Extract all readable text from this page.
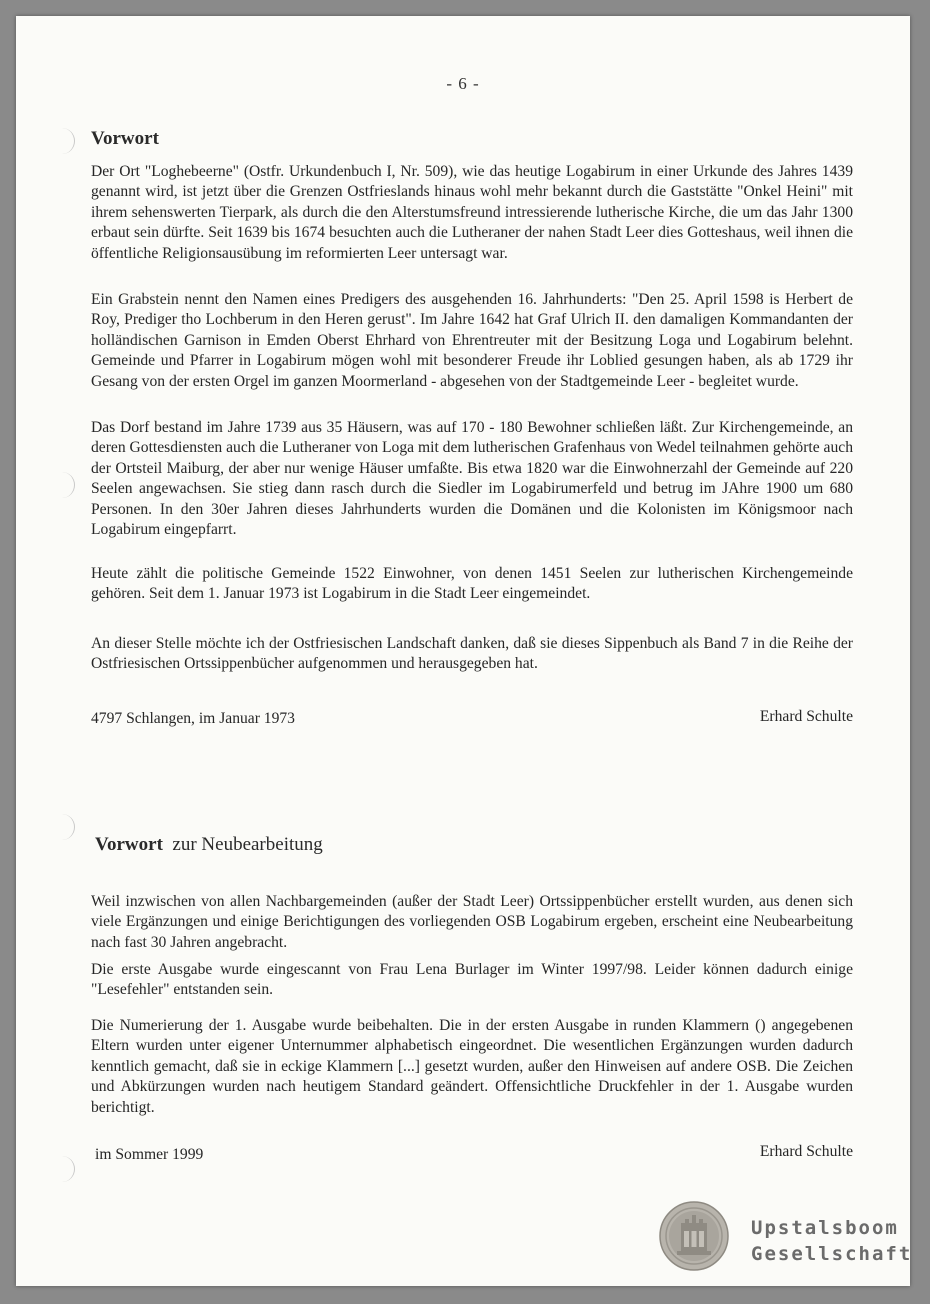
- 6 -
Vorwort

Der Ort "Loghebeerne" (Ostfr. Urkundenbuch I, Nr. 509), wie das heutige Logabirum in einer Urkunde des Jahres 1439 genannt wird, ist jetzt über die Grenzen Ostfrieslands hinaus wohl mehr bekannt durch die Gaststätte "Onkel Heini" mit ihrem sehenswerten Tierpark, als durch die den Alterstumsfreund intressierende lutherische Kirche, die um das Jahr 1300 erbaut sein dürfte. Seit 1639 bis 1674 besuchten auch die Lutheraner der nahen Stadt Leer dies Gotteshaus, weil ihnen die öffentliche Religionsausübung im reformierten Leer untersagt war.

Ein Grabstein nennt den Namen eines Predigers des ausgehenden 16. Jahrhunderts: "Den 25. April 1598 is Herbert de Roy, Prediger tho Lochberum in den Heren gerust". Im Jahre 1642 hat Graf Ulrich II. den damaligen Kommandanten der holländischen Garnison in Emden Oberst Ehrhard von Ehrentreuter mit der Besitzung Loga und Logabirum belehnt. Gemeinde und Pfarrer in Logabirum mögen wohl mit besonderer Freude ihr Loblied gesungen haben, als ab 1729 ihr Gesang von der ersten Orgel im ganzen Moormerland - abgesehen von der Stadtgemeinde Leer - begleitet wurde.

Das Dorf bestand im Jahre 1739 aus 35 Häusern, was auf 170 - 180 Bewohner schließen läßt. Zur Kirchengemeinde, an deren Gottesdiensten auch die Lutheraner von Loga mit dem lutherischen Grafenhaus von Wedel teilnahmen gehörte auch der Ortsteil Maiburg, der aber nur wenige Häuser umfaßte. Bis etwa 1820 war die Einwohnerzahl der Gemeinde auf 220 Seelen angewachsen. Sie stieg dann rasch durch die Siedler im Logabirumerfeld und betrug im JAhre 1900 um 680 Personen. In den 30er Jahren dieses Jahrhunderts wurden die Domänen und die Kolonisten im Königsmoor nach Logabirum eingepfarrt.

Heute zählt die politische Gemeinde 1522 Einwohner, von denen 1451 Seelen zur lutherischen Kirchengemeinde gehören. Seit dem 1. Januar 1973 ist Logabirum in die Stadt Leer eingemeindet.

An dieser Stelle möchte ich der Ostfriesischen Landschaft danken, daß sie dieses Sippenbuch als Band 7 in die Reihe der Ostfriesischen Ortssippenbücher aufgenommen und herausgegeben hat.

4797 Schlangen, im Januar 1973	Erhard Schulte
Vorwort zur Neubearbeitung

Weil inzwischen von allen Nachbargemeinden (außer der Stadt Leer) Ortssippenbücher erstellt wurden, aus denen sich viele Ergänzungen und einige Berichtigungen des vorliegenden OSB Logabirum ergeben, erscheint eine Neubearbeitung nach fast 30 Jahren angebracht.

Die erste Ausgabe wurde eingescannt von Frau Lena Burlager im Winter 1997/98. Leider können dadurch einige "Lesefehler" entstanden sein.

Die Numerierung der 1. Ausgabe wurde beibehalten. Die in der ersten Ausgabe in runden Klammern () angegebenen Eltern wurden unter eigener Unternummer alphabetisch eingeordnet. Die wesentlichen Ergänzungen wurden dadurch kenntlich gemacht, daß sie in eckige Klammern [...] gesetzt wurden, außer den Hinweisen auf andere OSB. Die Zeichen und Abkürzungen wurden nach heutigem Standard geändert. Offensichtliche Druckfehler in der 1. Ausgabe wurden berichtigt.

im Sommer 1999	Erhard Schulte
Upstalsboom
Gesellschaft
